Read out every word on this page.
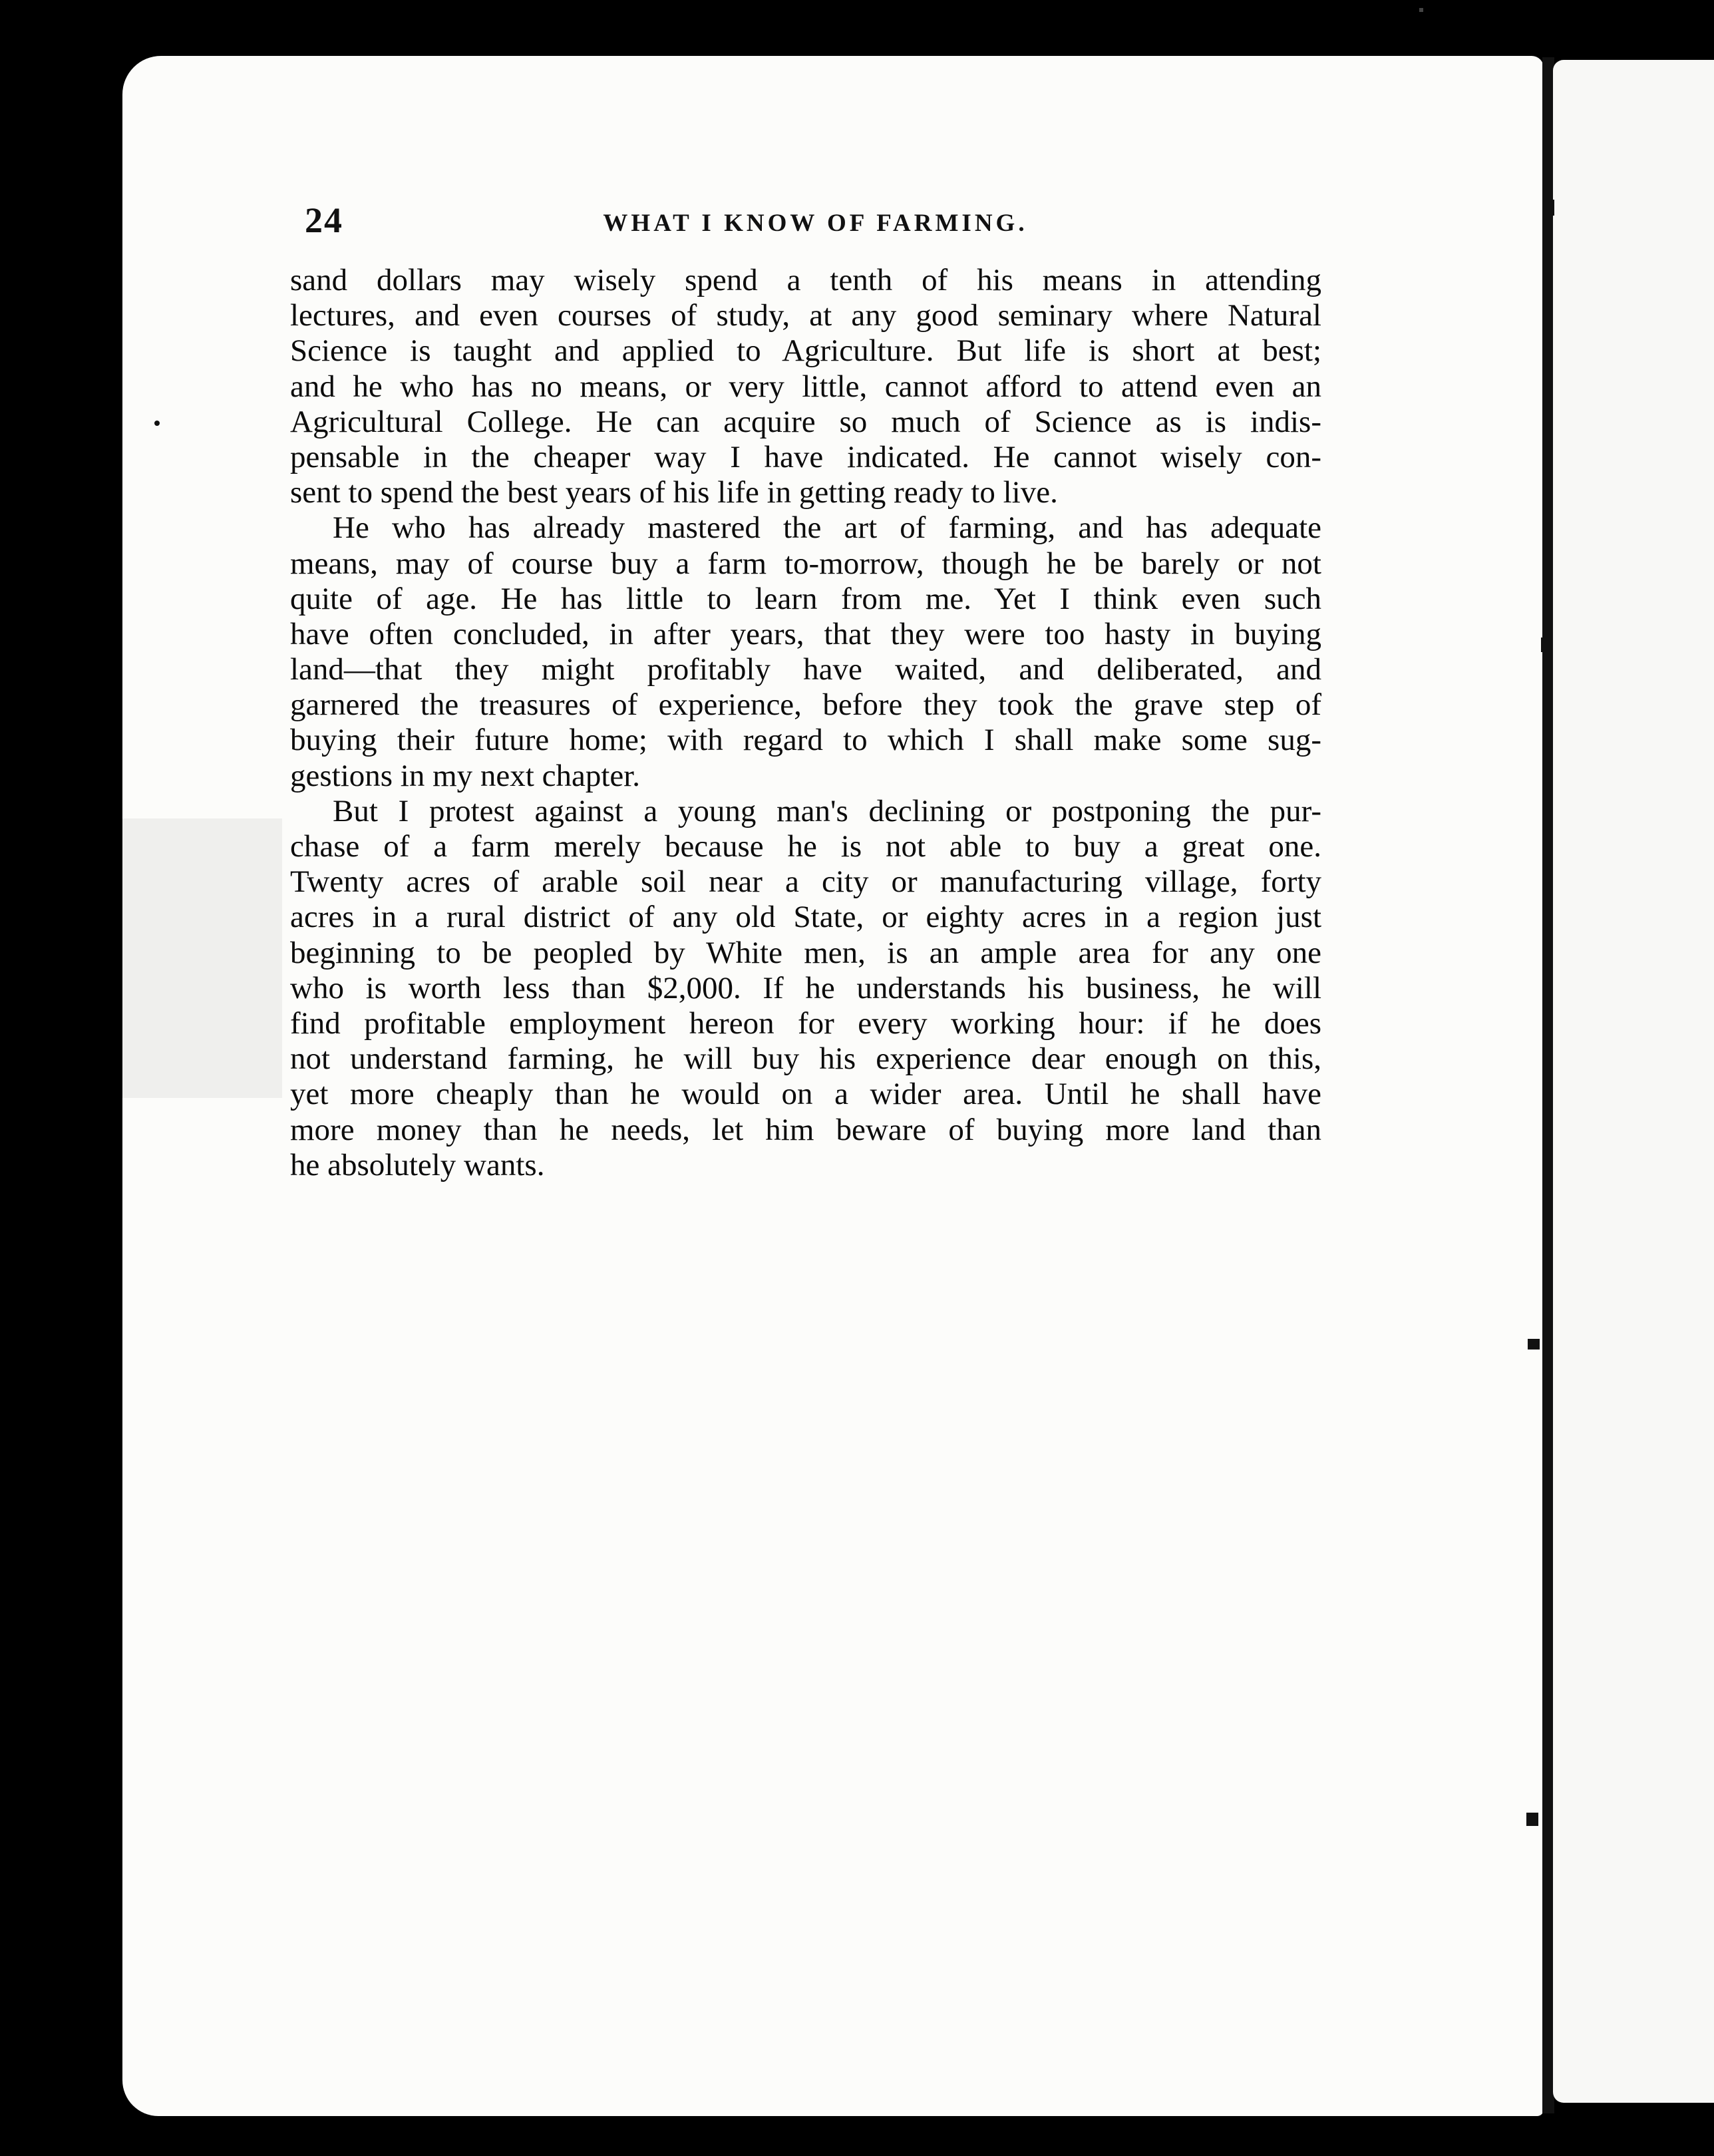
24	WHAT I KNOW OF FARMING.
sand dollars may wisely spend a tenth of his means in attending
lectures, and even courses of study, at any good seminary where Natural
Science is taught and applied to Agriculture. But life is short at best;
and he who has no means, or very little, cannot afford to attend even an
Agricultural College. He can acquire so much of Science as is indis-
pensable in the cheaper way I have indicated. He cannot wisely con-
sent to spend the best years of his life in getting ready to live.
He who has already mastered the art of farming, and has adequate
means, may of course buy a farm to-morrow, though he be barely or not
quite of age. He has little to learn from me. Yet I think even such
have often concluded, in after years, that they were too hasty in buying
land—that they might profitably have waited, and deliberated, and
garnered the treasures of experience, before they took the grave step of
buying their future home; with regard to which I shall make some sug-
gestions in my next chapter.
But I protest against a young man's declining or postponing the pur-
chase of a farm merely because he is not able to buy a great one.
Twenty acres of arable soil near a city or manufacturing village, forty
acres in a rural district of any old State, or eighty acres in a region just
beginning to be peopled by White men, is an ample area for any one
who is worth less than $2,000. If he understands his business, he will
find profitable employment hereon for every working hour: if he does
not understand farming, he will buy his experience dear enough on this,
yet more cheaply than he would on a wider area. Until he shall have
more money than he needs, let him beware of buying more land than
he absolutely wants.
